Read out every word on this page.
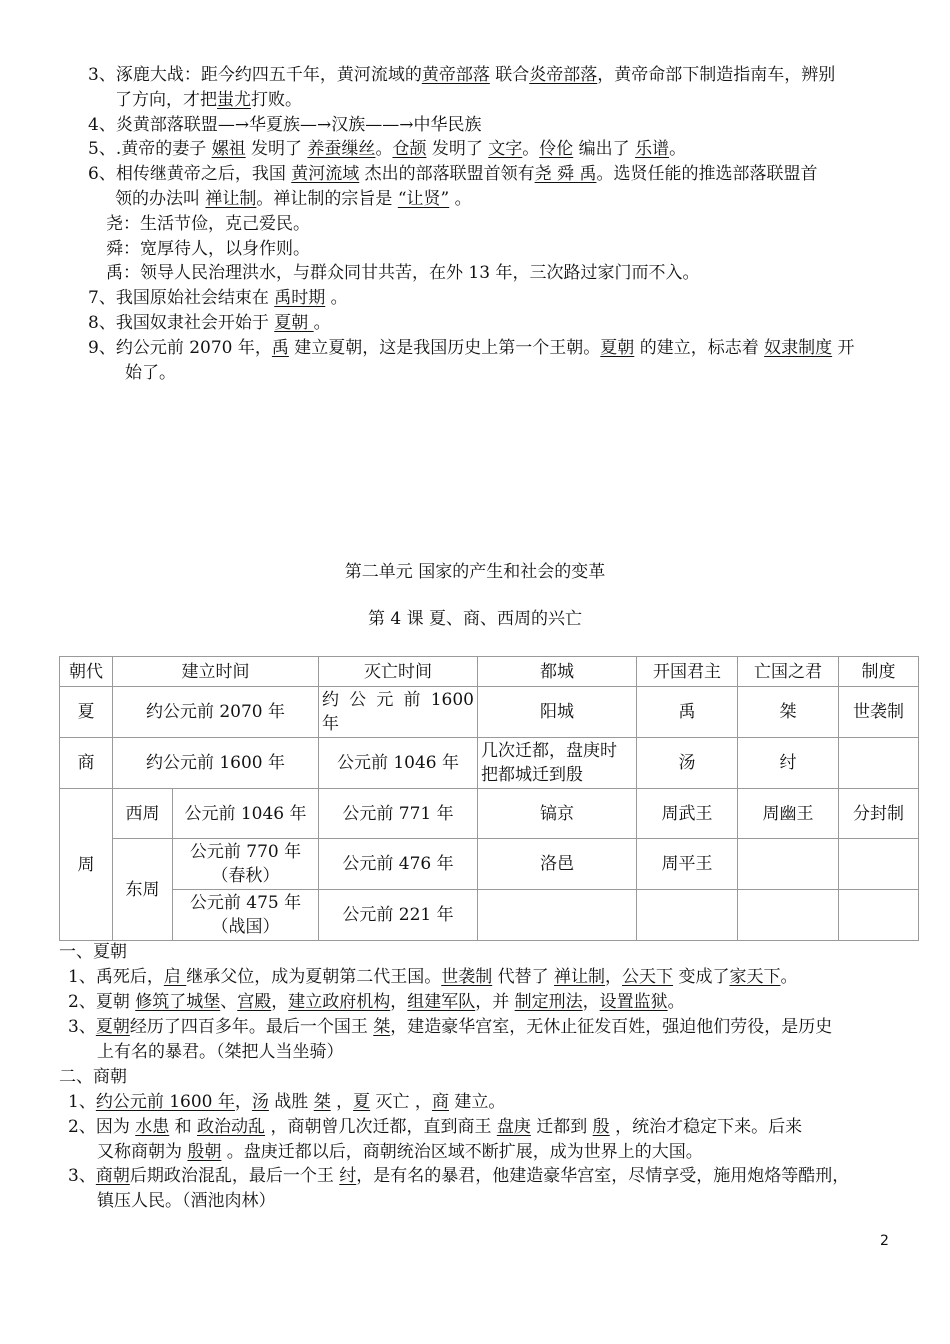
3、涿鹿大战：距今约四五千年，黄河流域的黄帝部落 联合炎帝部落，黄帝命部下制造指南车，辨别
了方向，才把蚩尤打败。
4、炎黄部落联盟—→华夏族—→汉族——→中华民族
5、.黄帝的妻子 嫘祖 发明了 养蚕缫丝。仓颉 发明了 文字。伶伦 编出了 乐谱。
6、相传继黄帝之后，我国 黄河流域 杰出的部落联盟首领有尧 舜 禹。选贤任能的推选部落联盟首
领的办法叫 禅让制。禅让制的宗旨是 “让贤” 。
尧：生活节俭，克己爱民。
舜：宽厚待人，以身作则。
禹：领导人民治理洪水，与群众同甘共苦，在外 13 年，三次路过家门而不入。
7、我国原始社会结束在 禹时期 。
8、我国奴隶社会开始于 夏朝 。
9、约公元前 2070 年，禹 建立夏朝，这是我国历史上第一个王朝。夏朝 的建立，标志着 奴隶制度 开
始了。
第二单元 国家的产生和社会的变革
第 4 课 夏、商、西周的兴亡
朝代	建立时间		灭亡时间	都城	开国君主	亡国之君	制度
夏	约公元前 2070 年		约 公 元 前 1600 年	阳城	禹	桀	世袭制
商	约公元前 1600 年		公元前 1046 年	几次迁都，盘庚时把都城迁到殷	汤	纣	
周	西周	公元前 1046 年	公元前 771 年	镐京	周武王	周幽王	分封制
	东周	公元前 770 年
（春秋）	公元前 476 年	洛邑	周平王		
		公元前 475 年
（战国）	公元前 221 年				
一、夏朝
1、禹死后，启 继承父位，成为夏朝第二代王国。世袭制 代替了 禅让制，公天下 变成了家天下。
2、夏朝 修筑了城堡、宫殿，建立政府机构，组建军队，并 制定刑法，设置监狱。
3、夏朝经历了四百多年。最后一个国王 桀，建造豪华宫室，无休止征发百姓，强迫他们劳役，是历史
上有名的暴君。（桀把人当坐骑）
二、商朝
1、约公元前 1600 年，汤 战胜 桀 ，夏 灭亡 ，商 建立。
2、因为 水患 和 政治动乱 ，商朝曾几次迁都，直到商王 盘庚 迁都到 殷 ，统治才稳定下来。后来
又称商朝为 殷朝 。盘庚迁都以后，商朝统治区域不断扩展，成为世界上的大国。
3、商朝后期政治混乱，最后一个王 纣，是有名的暴君，他建造豪华宫室，尽情享受，施用炮烙等酷刑，
镇压人民。（酒池肉林）
2
